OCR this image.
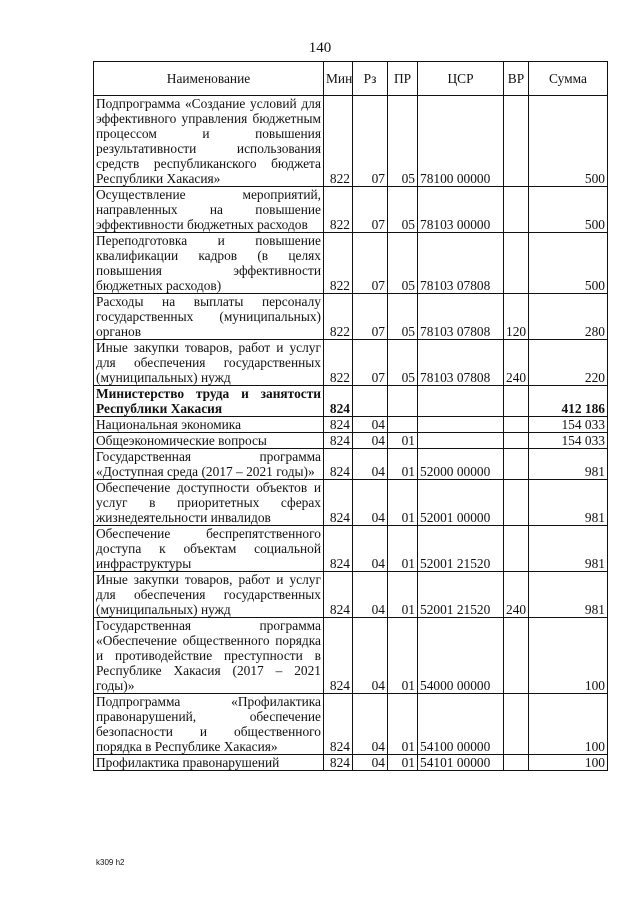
140
Наименование	Мин	Рз	ПР	ЦСР	ВР	Сумма
Подпрограмма «Создание условий для эффективного управления бюджетным процессом и повышения результативности использования средств республиканского бюджета Республики Хакасия»	822	07	05	78100 00000		500
Осуществление мероприятий, направленных на повышение эффективности бюджетных расходов	822	07	05	78103 00000		500
Переподготовка и повышение квалификации кадров (в целях повышения эффективности бюджетных расходов)	822	07	05	78103 07808		500
Расходы на выплаты персоналу государственных (муниципальных) органов	822	07	05	78103 07808	120	280
Иные закупки товаров, работ и услуг для обеспечения государственных (муниципальных) нужд	822	07	05	78103 07808	240	220
Министерство труда и занятости Республики Хакасия	824					412 186
Национальная экономика	824	04				154 033
Общеэкономические вопросы	824	04	01			154 033
Государственная программа «Доступная среда (2017 – 2021 годы)»	824	04	01	52000 00000		981
Обеспечение доступности объектов и услуг в приоритетных сферах жизнедеятельности инвалидов	824	04	01	52001 00000		981
Обеспечение беспрепятственного доступа к объектам социальной инфраструктуры	824	04	01	52001 21520		981
Иные закупки товаров, работ и услуг для обеспечения государственных (муниципальных) нужд	824	04	01	52001 21520	240	981
Государственная программа «Обеспечение общественного порядка и противодействие преступности в Республике Хакасия (2017 – 2021 годы)»	824	04	01	54000 00000		100
Подпрограмма «Профилактика правонарушений, обеспечение безопасности и общественного порядка в Республике Хакасия»	824	04	01	54100 00000		100
Профилактика правонарушений	824	04	01	54101 00000		100
k309 h2
